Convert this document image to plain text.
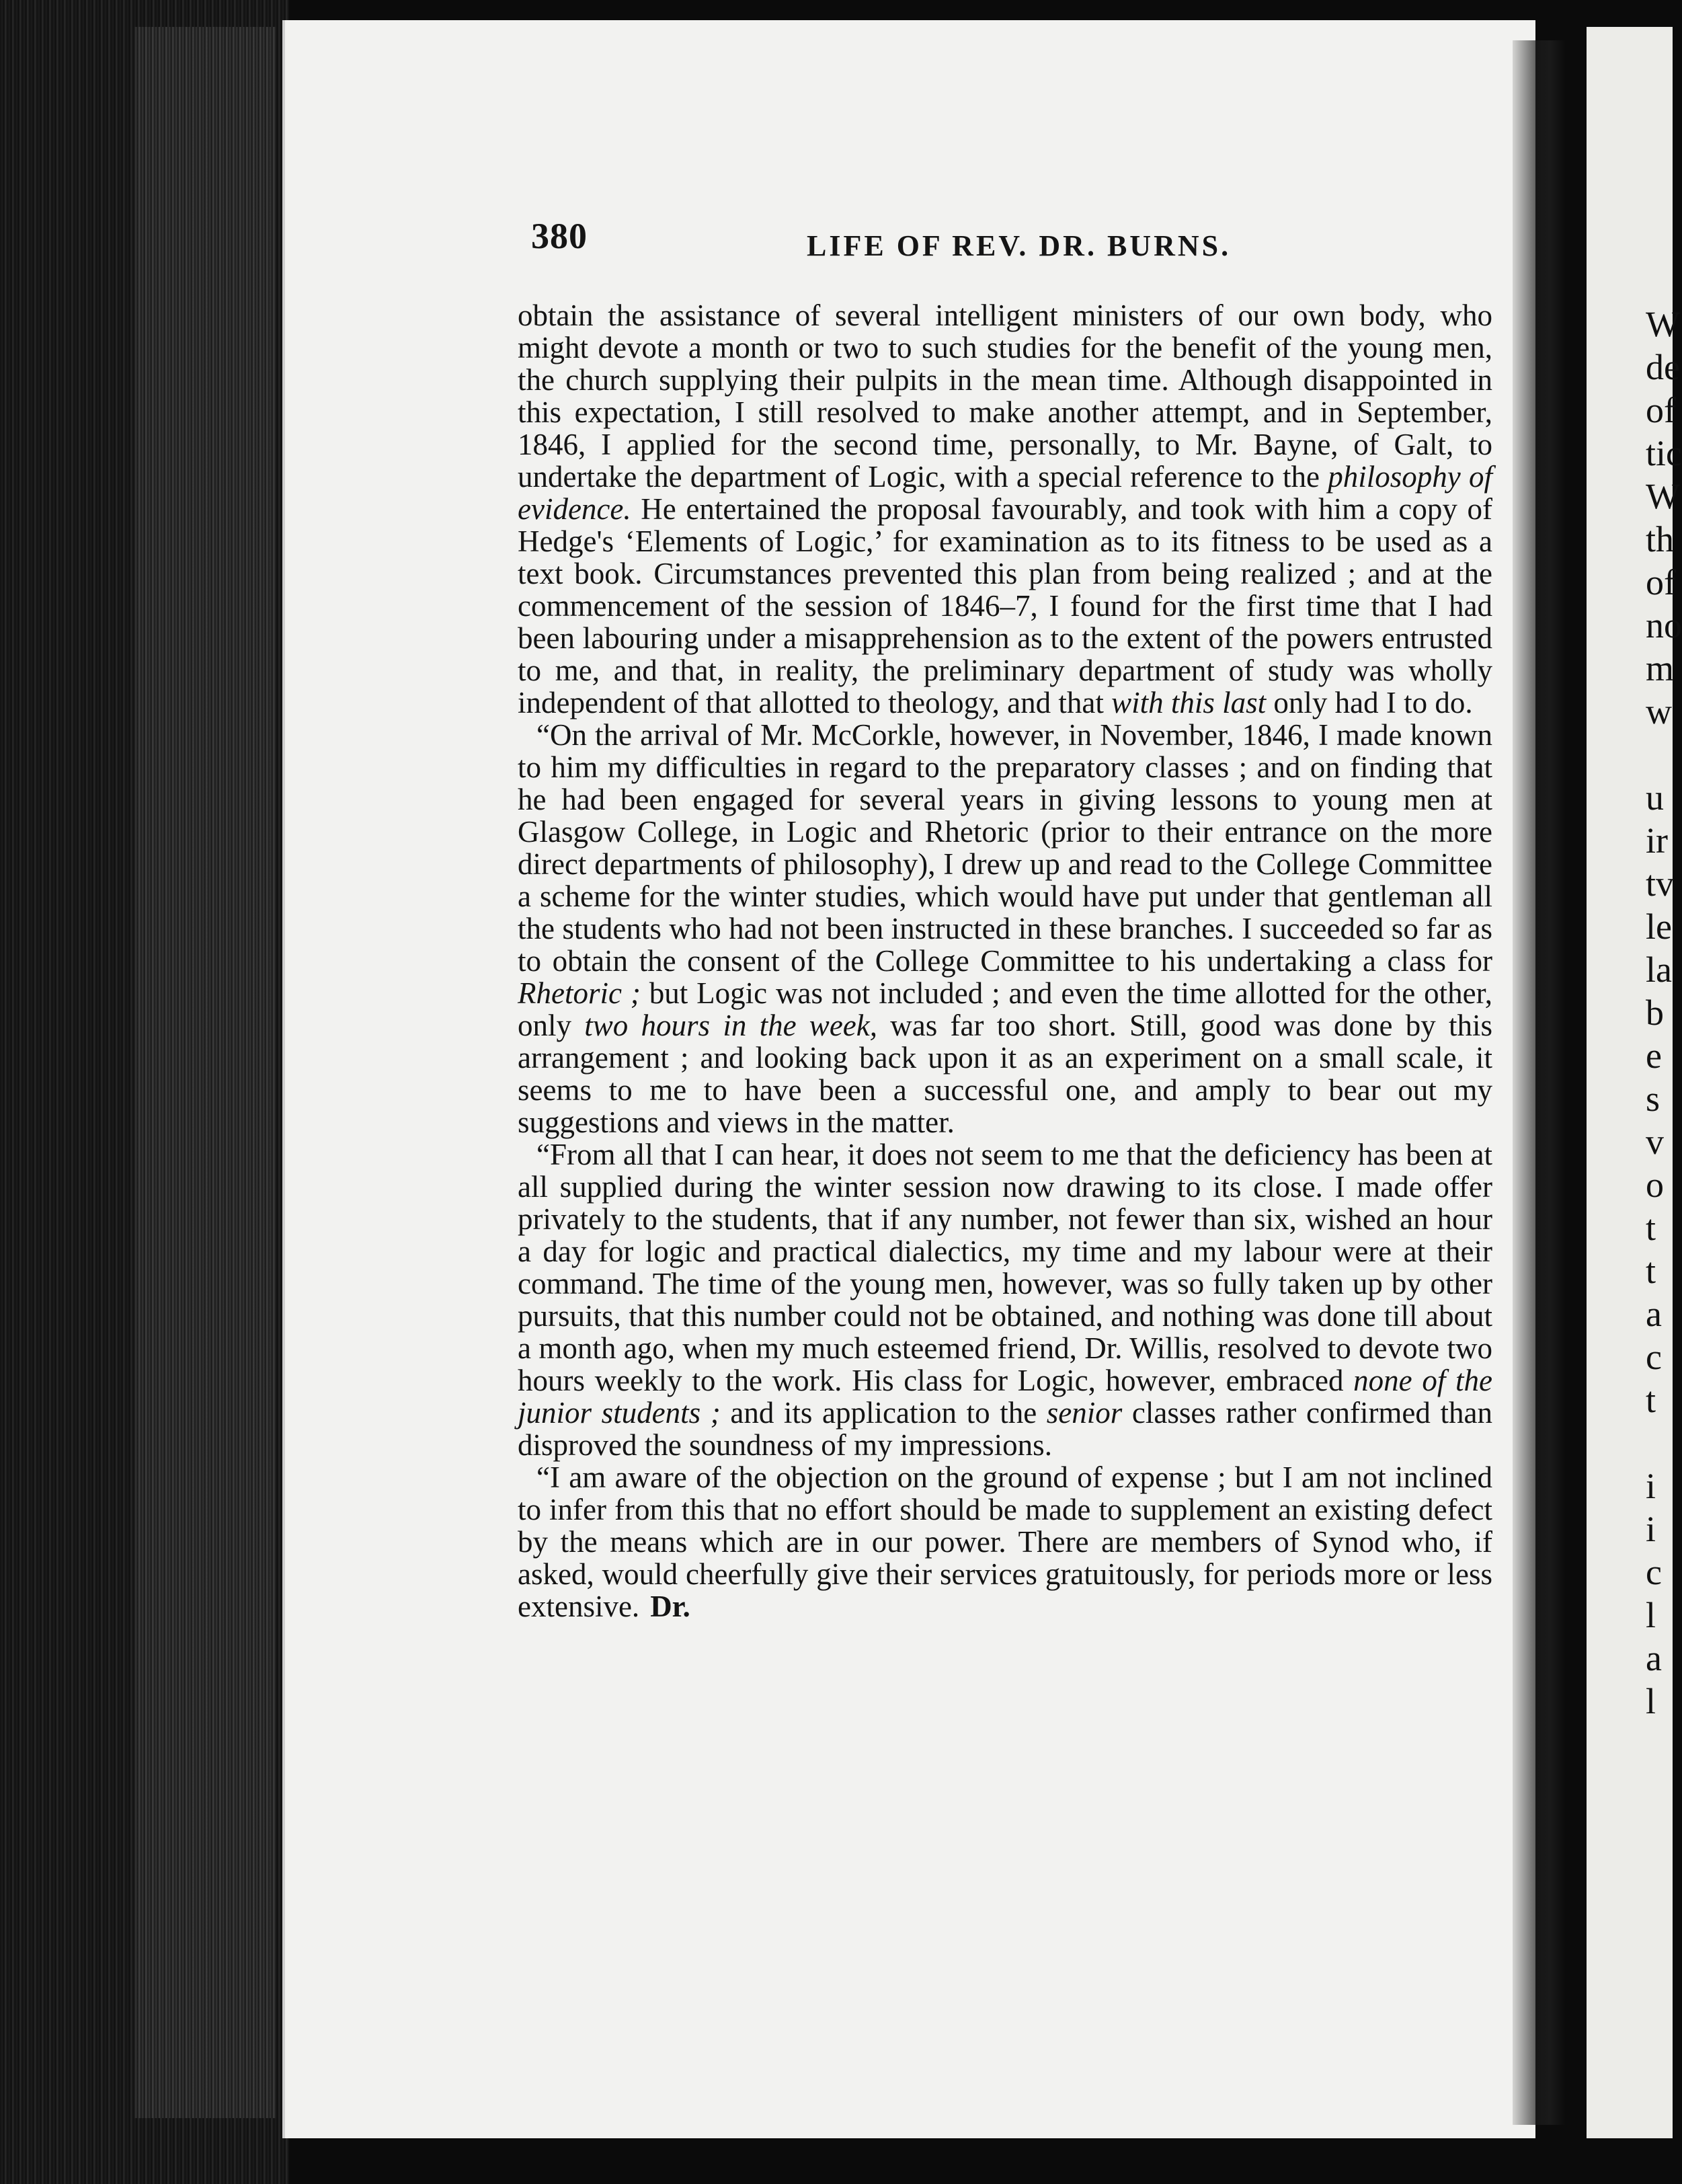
W
de
of
tic
W
th
of
no
m
w

u
ir
tv
le
la
b
e
s
v
o
t
t
a
c
t

i
i
c
l
a
l
380	LIFE OF REV. DR. BURNS.

obtain the assistance of several intelligent ministers of our own body, who might devote a month or two to such studies for the benefit of the young men, the church supplying their pulpits in the mean time. Although disappointed in this expectation, I still resolved to make another attempt, and in September, 1846, I applied for the second time, personally, to Mr. Bayne, of Galt, to undertake the department of Logic, with a special reference to the philosophy of evidence. He entertained the proposal favourably, and took with him a copy of Hedge's ‘Elements of Logic,’ for examination as to its fitness to be used as a text book. Circumstances prevented this plan from being realized ; and at the commencement of the session of 1846–7, I found for the first time that I had been labouring under a misapprehension as to the extent of the powers entrusted to me, and that, in reality, the preliminary department of study was wholly independent of that allotted to theology, and that with this last only had I to do.

“On the arrival of Mr. McCorkle, however, in November, 1846, I made known to him my difficulties in regard to the preparatory classes ; and on finding that he had been engaged for several years in giving lessons to young men at Glasgow College, in Logic and Rhetoric (prior to their entrance on the more direct departments of philosophy), I drew up and read to the College Committee a scheme for the winter studies, which would have put under that gentleman all the students who had not been instructed in these branches. I succeeded so far as to obtain the consent of the College Committee to his undertaking a class for Rhetoric ; but Logic was not included ; and even the time allotted for the other, only two hours in the week, was far too short. Still, good was done by this arrangement ; and looking back upon it as an experiment on a small scale, it seems to me to have been a successful one, and amply to bear out my suggestions and views in the matter.

“From all that I can hear, it does not seem to me that the deficiency has been at all supplied during the winter session now drawing to its close. I made offer privately to the students, that if any number, not fewer than six, wished an hour a day for logic and practical dialectics, my time and my labour were at their command. The time of the young men, however, was so fully taken up by other pursuits, that this number could not be obtained, and nothing was done till about a month ago, when my much esteemed friend, Dr. Willis, resolved to devote two hours weekly to the work. His class for Logic, however, embraced none of the junior students ; and its application to the senior classes rather confirmed than disproved the soundness of my impressions.

“I am aware of the objection on the ground of expense ; but I am not inclined to infer from this that no effort should be made to supplement an existing defect by the means which are in our power. There are members of Synod who, if asked, would cheerfully give their services gratuitously, for periods more or less extensive. Dr.
